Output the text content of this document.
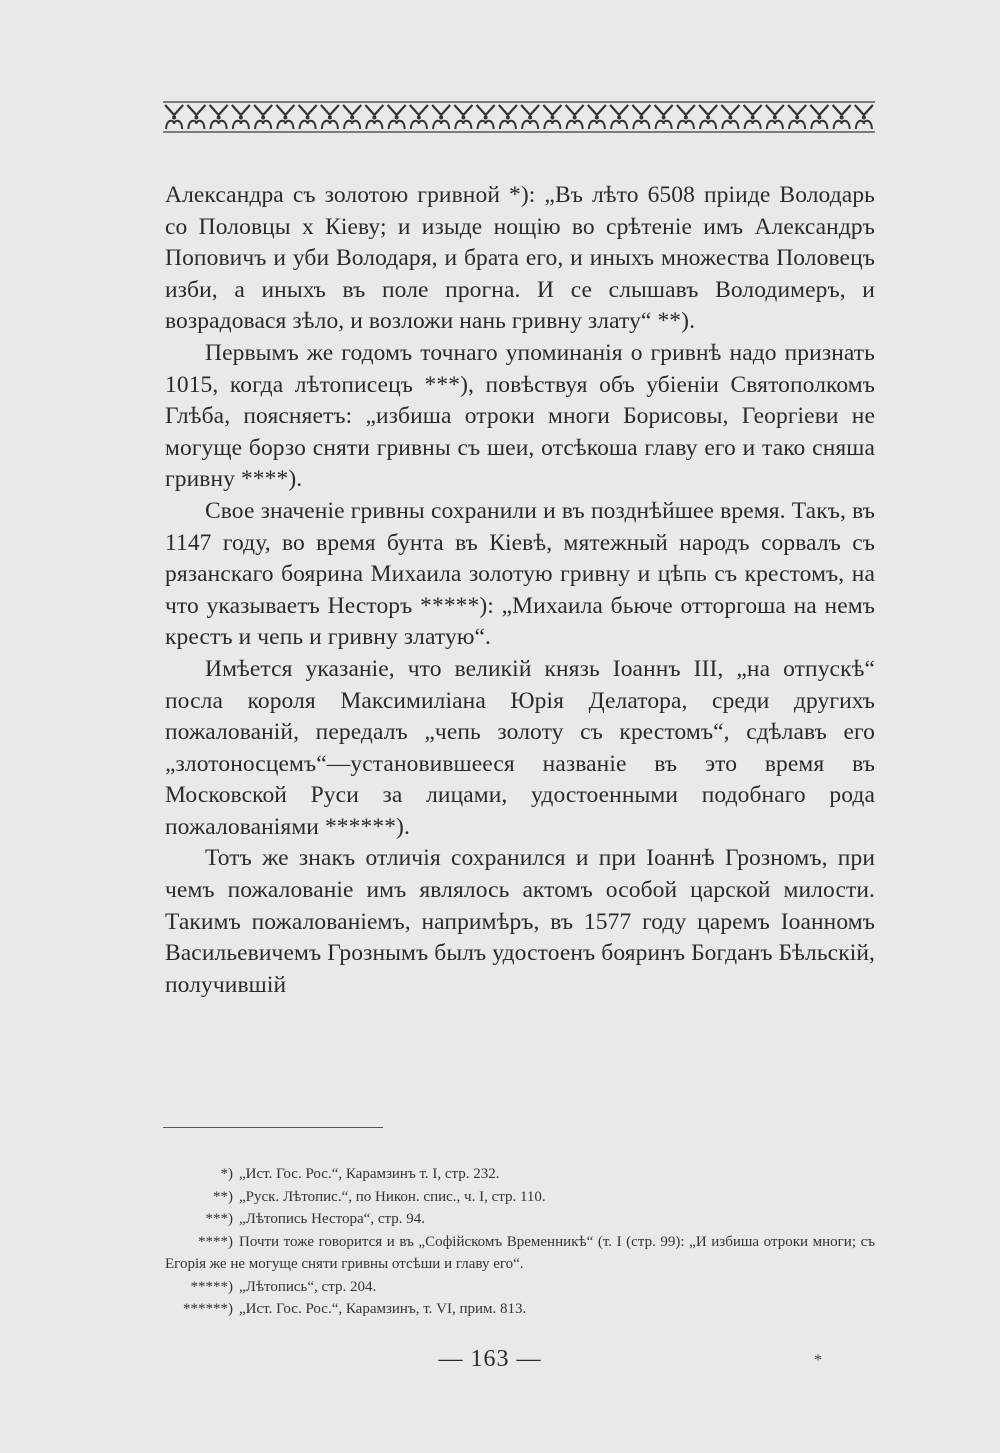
Александра съ золотою гривной *): „Въ лѣто 6508 пріиде Володарь со Половцы х Кіеву; и изыде нощію во срѣтеніе имъ Александръ Поповичъ и уби Володаря, и брата его, и иныхъ множества Половецъ изби, а иныхъ въ поле прогна. И се слышавъ Володимеръ, и возрадовася зѣло, и возложи нань гривну злату“ **).

Первымъ же годомъ точнаго упоминанія о гривнѣ надо признать 1015, когда лѣтописецъ ***), повѣствуя объ убіеніи Святополкомъ Глѣба, поясняетъ: „избиша отроки многи Борисовы, Георгіеви не могуще борзо сняти гривны съ шеи, отсѣкоша главу его и тако сняша гривну ****).

Свое значеніе гривны сохранили и въ позднѣйшее время. Такъ, въ 1147 году, во время бунта въ Кіевѣ, мятежный народъ сорвалъ съ рязанскаго боярина Михаила золотую гривну и цѣпь съ крестомъ, на что указываетъ Несторъ *****): „Михаила бьюче отторгоша на немъ крестъ и чепь и гривну златую“.

Имѣется указаніе, что великій князь Іоаннъ III, „на отпускѣ“ посла короля Максимиліана Юрія Делатора, среди другихъ пожалованій, передалъ „чепь золоту съ крестомъ“, сдѣлавъ его „злотоносцемъ“—установившееся названіе въ это время въ Московской Руси за лицами, удостоенными подобнаго рода пожалованіями ******).

Тотъ же знакъ отличія сохранился и при Іоаннѣ Грозномъ, при чемъ пожалованіе имъ являлось актомъ особой царской милости. Такимъ пожалованіемъ, напримѣръ, въ 1577 году царемъ Іоанномъ Васильевичемъ Грознымъ былъ удостоенъ бояринъ Богданъ Бѣльскій, получившій

*) „Ист. Гос. Рос.“, Карамзинъ т. I, стр. 232.

**) „Руск. Лѣтопис.“, по Никон. спис., ч. I, стр. 110.

***) „Лѣтопись Нестора“, стр. 94.

****) Почти тоже говорится и въ „Софійскомъ Временникѣ“ (т. I (стр. 99): „И избиша отроки многи; съ Егорія же не могуще сняти гривны отсѣши и главу его“.

*****) „Лѣтопись“, стр. 204.

******) „Ист. Гос. Рос.“, Карамзинъ, т. VI, прим. 813.

— 163 —	*
